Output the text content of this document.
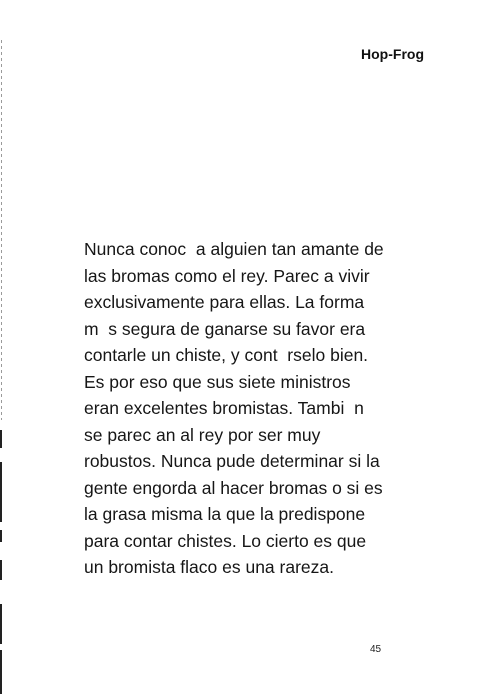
Hop-Frog
Nunca conoc  a alguien tan amante de
las bromas como el rey. Parec a vivir
exclusivamente para ellas. La forma
m  s segura de ganarse su favor era
contarle un chiste, y cont  rselo bien.
Es por eso que sus siete ministros
eran excelentes bromistas. Tambi  n
se parec an al rey por ser muy
robustos. Nunca pude determinar si la
gente engorda al hacer bromas o si es
la grasa misma la que la predispone
para contar chistes. Lo cierto es que
un bromista flaco es una rareza.
45
